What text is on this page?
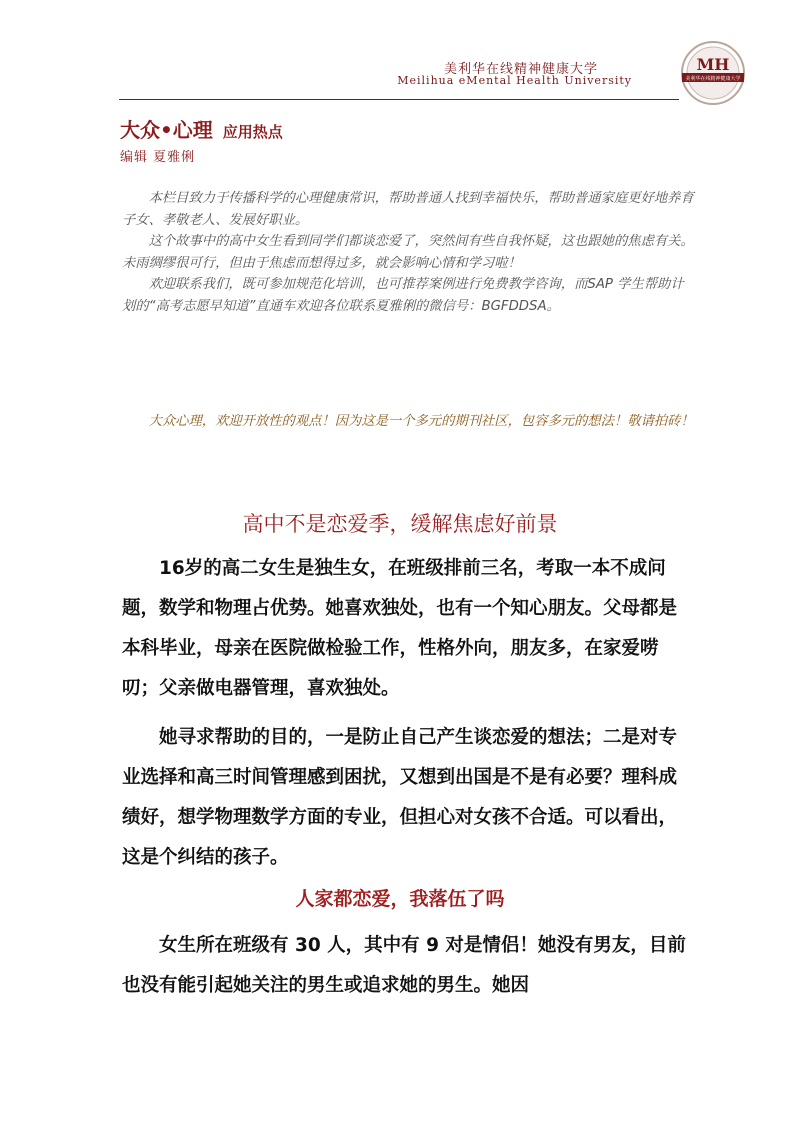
美利华在线精神健康大学
Meilihua eMental Health University
MH
美利华在线精神健康大学
大众•心理 应用热点
编辑 夏雅俐

本栏目致力于传播科学的心理健康常识，帮助普通人找到幸福快乐，帮助普通家庭更好地养育子女、孝敬老人、发展好职业。

这个故事中的高中女生看到同学们都谈恋爱了，突然间有些自我怀疑，这也跟她的焦虑有关。未雨绸缪很可行，但由于焦虑而想得过多，就会影响心情和学习啦！

欢迎联系我们，既可参加规范化培训，也可推荐案例进行免费教学咨询，而SAP 学生帮助计划的“高考志愿早知道”直通车欢迎各位联系夏雅俐的微信号：BGFDDSA。

大众心理，欢迎开放性的观点！因为这是一个多元的期刊社区，包容多元的想法！敬请拍砖！

高中不是恋爱季，缓解焦虑好前景

16岁的高二女生是独生女，在班级排前三名，考取一本不成问题，数学和物理占优势。她喜欢独处，也有一个知心朋友。父母都是本科毕业，母亲在医院做检验工作，性格外向，朋友多，在家爱唠叨；父亲做电器管理，喜欢独处。

她寻求帮助的目的，一是防止自己产生谈恋爱的想法；二是对专业选择和高三时间管理感到困扰，又想到出国是不是有必要？理科成绩好，想学物理数学方面的专业，但担心对女孩不合适。可以看出，这是个纠结的孩子。

人家都恋爱，我落伍了吗

女生所在班级有 30 人，其中有 9 对是情侣！她没有男友，目前也没有能引起她关注的男生或追求她的男生。她因
